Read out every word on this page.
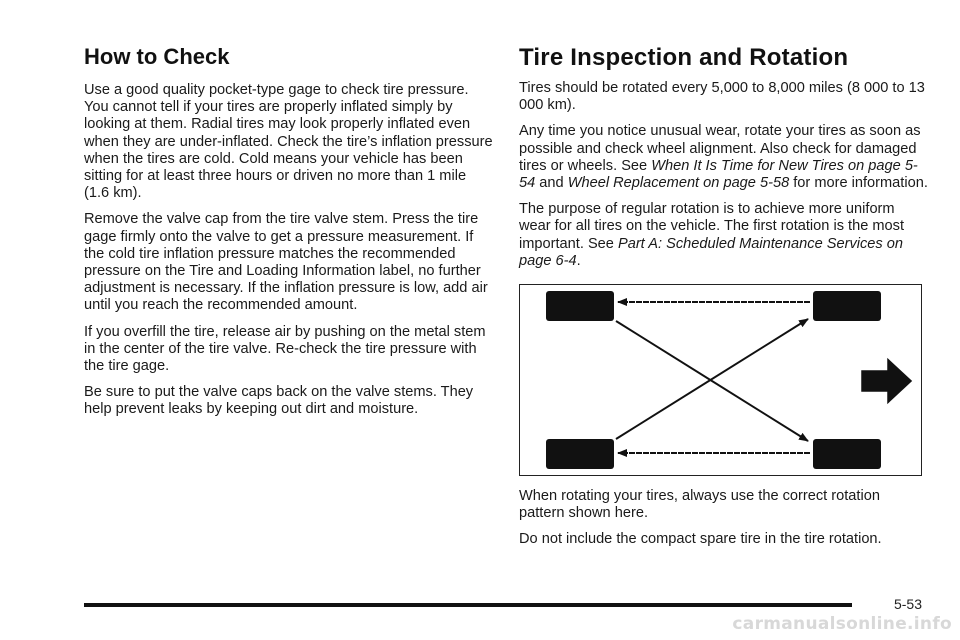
How to Check

Use a good quality pocket-type gage to check tire pressure. You cannot tell if your tires are properly inflated simply by looking at them. Radial tires may look properly inflated even when they are under-inflated. Check the tire’s inflation pressure when the tires are cold. Cold means your vehicle has been sitting for at least three hours or driven no more than 1 mile (1.6 km).

Remove the valve cap from the tire valve stem. Press the tire gage firmly onto the valve to get a pressure measurement. If the cold tire inflation pressure matches the recommended pressure on the Tire and Loading Information label, no further adjustment is necessary. If the inflation pressure is low, add air until you reach the recommended amount.

If you overfill the tire, release air by pushing on the metal stem in the center of the tire valve. Re-check the tire pressure with the tire gage.

Be sure to put the valve caps back on the valve stems. They help prevent leaks by keeping out dirt and moisture.

Tire Inspection and Rotation

Tires should be rotated every 5,000 to 8,000 miles (8 000 to 13 000 km).

Any time you notice unusual wear, rotate your tires as soon as possible and check wheel alignment. Also check for damaged tires or wheels. See When It Is Time for New Tires on page 5-54 and Wheel Replacement on page 5-58 for more information.

The purpose of regular rotation is to achieve more uniform wear for all tires on the vehicle. The first rotation is the most important. See Part A: Scheduled Maintenance Services on page 6-4.

When rotating your tires, always use the correct rotation pattern shown here.

Do not include the compact spare tire in the tire rotation.

5-53
carmanualsonline.info
